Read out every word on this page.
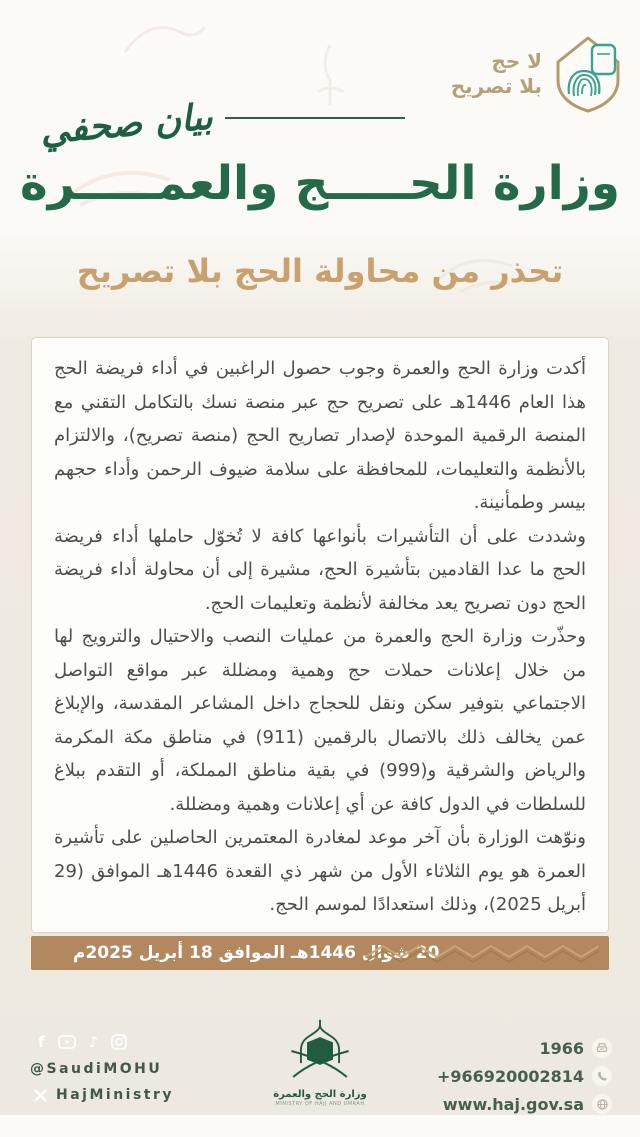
لا حج
بلا تصريح
بيان صحفي
وزارة الحـــــج والعمـــــرة
تحذر من محاولة الحج بلا تصريح

أكدت وزارة الحج والعمرة وجوب حصول الراغبين في أداء فريضة الحج هذا العام 1446هـ على تصريح حج عبر منصة نسك بالتكامل التقني مع المنصة الرقمية الموحدة لإصدار تصاريح الحج (منصة تصريح)، والالتزام بالأنظمة والتعليمات، للمحافظة على سلامة ضيوف الرحمن وأداء حجهم بيسر وطمأنينة.

وشددت على أن التأشيرات بأنواعها كافة لا تُخوّل حاملها أداء فريضة الحج ما عدا القادمين بتأشيرة الحج، مشيرة إلى أن محاولة أداء فريضة الحج دون تصريح يعد مخالفة لأنظمة وتعليمات الحج.

وحذّرت وزارة الحج والعمرة من عمليات النصب والاحتيال والترويج لها من خلال إعلانات حملات حج وهمية ومضللة عبر مواقع التواصل الاجتماعي بتوفير سكن ونقل للحجاج داخل المشاعر المقدسة، والإبلاغ عمن يخالف ذلك بالاتصال بالرقمين (911) في مناطق مكة المكرمة والرياض والشرقية و(999) في بقية مناطق المملكة، أو التقدم ببلاغ للسلطات في الدول كافة عن أي إعلانات وهمية ومضللة.

ونوّهت الوزارة بأن آخر موعد لمغادرة المعتمرين الحاصلين على تأشيرة العمرة هو يوم الثلاثاء الأول من شهر ذي القعدة 1446هـ الموافق (29 أبريل 2025)، وذلك استعدادًا لموسم الحج.

20 شوال 1446هـ الموافق 18 أبريل 2025م
f	♪
@SaudiMOHU
HajMinistry	وزارة الحج والعمرة
MINISTRY OF HAJJ AND UMRAH
1966
+966920002814
www.haj.gov.sa
